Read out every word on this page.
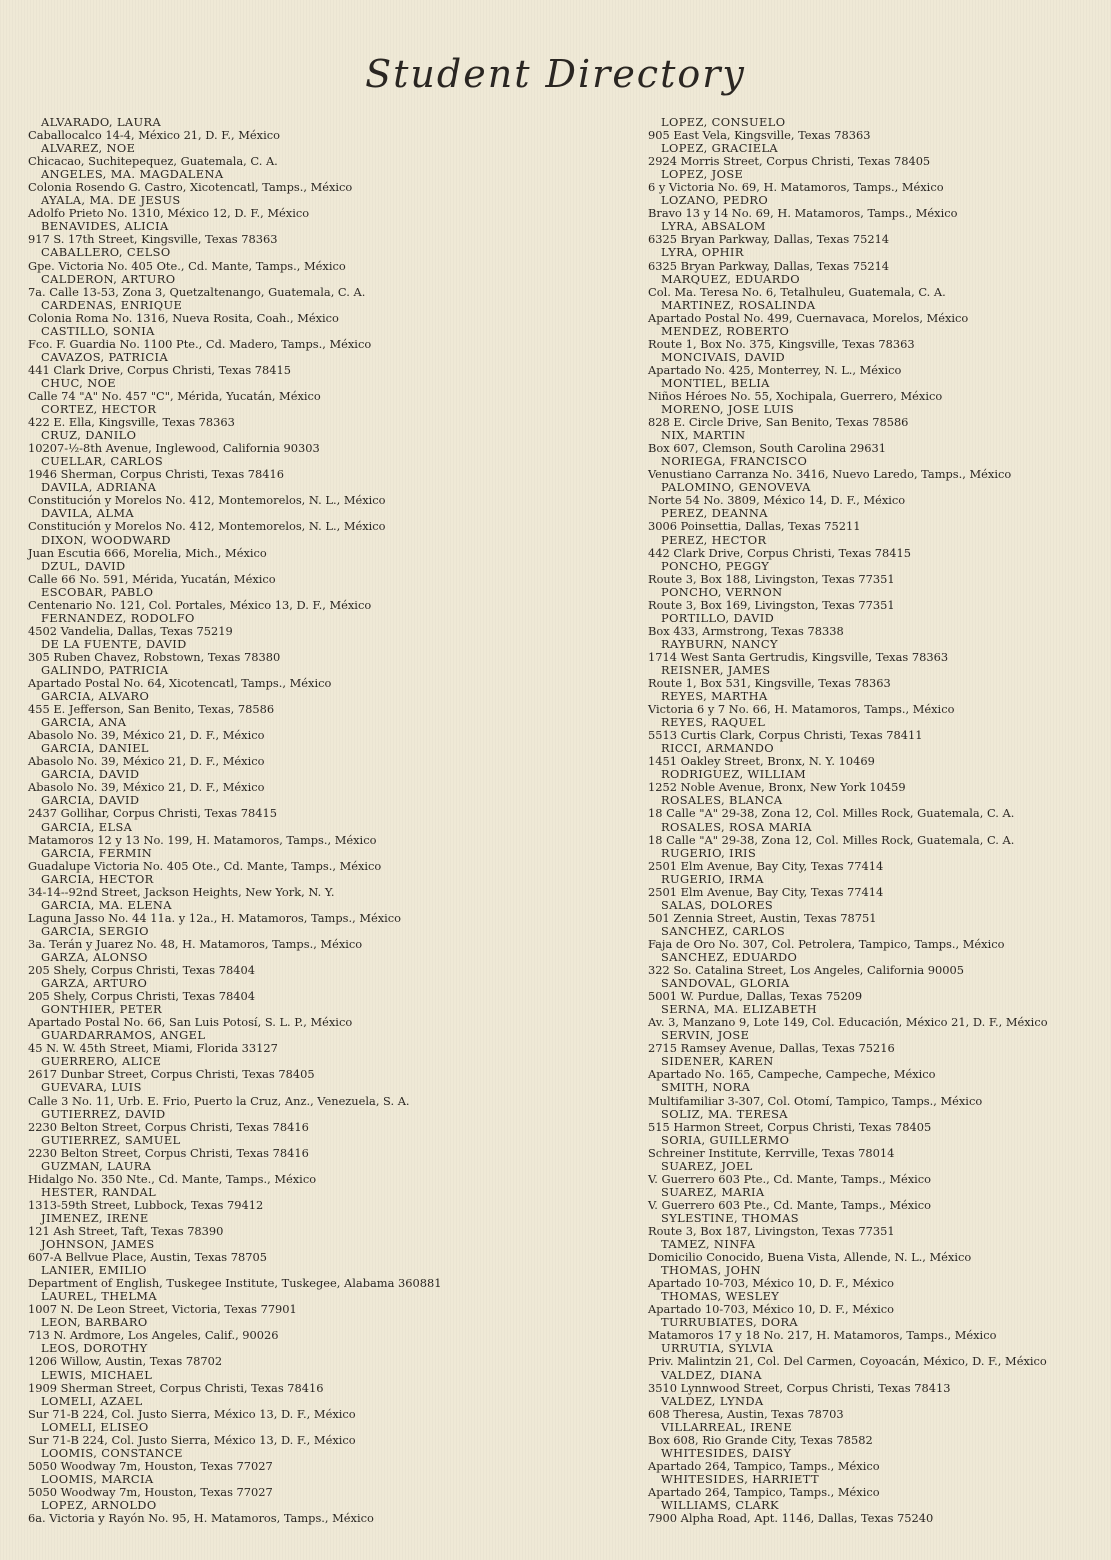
Student Directory
ALVARADO, LAURA
Caballocalco 14-4, México 21, D. F., México
ALVAREZ, NOE
Chicacao, Suchitepequez, Guatemala, C. A.
ANGELES, MA. MAGDALENA
Colonia Rosendo G. Castro, Xicotencatl, Tamps., México
AYALA, MA. DE JESUS
Adolfo Prieto No. 1310, México 12, D. F., México
BENAVIDES, ALICIA
917 S. 17th Street, Kingsville, Texas 78363
CABALLERO, CELSO
Gpe. Victoria No. 405 Ote., Cd. Mante, Tamps., México
CALDERON, ARTURO
7a. Calle 13-53, Zona 3, Quetzaltenango, Guatemala, C. A.
CARDENAS, ENRIQUE
Colonia Roma No. 1316, Nueva Rosita, Coah., México
CASTILLO, SONIA
Fco. F. Guardia No. 1100 Pte., Cd. Madero, Tamps., México
CAVAZOS, PATRICIA
441 Clark Drive, Corpus Christi, Texas 78415
CHUC, NOE
Calle 74 "A" No. 457 "C", Mérida, Yucatán, México
CORTEZ, HECTOR
422 E. Ella, Kingsville, Texas 78363
CRUZ, DANILO
10207-½-8th Avenue, Inglewood, California 90303
CUELLAR, CARLOS
1946 Sherman, Corpus Christi, Texas 78416
DAVILA, ADRIANA
Constitución y Morelos No. 412, Montemorelos, N. L., México
DAVILA, ALMA
Constitución y Morelos No. 412, Montemorelos, N. L., México
DIXON, WOODWARD
Juan Escutia 666, Morelia, Mich., México
DZUL, DAVID
Calle 66 No. 591, Mérida, Yucatán, México
ESCOBAR, PABLO
Centenario No. 121, Col. Portales, México 13, D. F., México
FERNANDEZ, RODOLFO
4502 Vandelia, Dallas, Texas 75219
DE LA FUENTE, DAVID
305 Ruben Chavez, Robstown, Texas 78380
GALINDO, PATRICIA
Apartado Postal No. 64, Xicotencatl, Tamps., México
GARCIA, ALVARO
455 E. Jefferson, San Benito, Texas, 78586
GARCIA, ANA
Abasolo No. 39, México 21, D. F., México
GARCIA, DANIEL
Abasolo No. 39, México 21, D. F., México
GARCIA, DAVID
Abasolo No. 39, México 21, D. F., México
GARCIA, DAVID
2437 Gollihar, Corpus Christi, Texas 78415
GARCIA, ELSA
Matamoros 12 y 13 No. 199, H. Matamoros, Tamps., México
GARCIA, FERMIN
Guadalupe Victoria No. 405 Ote., Cd. Mante, Tamps., México
GARCIA, HECTOR
34-14--92nd Street, Jackson Heights, New York, N. Y.
GARCIA, MA. ELENA
Laguna Jasso No. 44 11a. y 12a., H. Matamoros, Tamps., México
GARCIA, SERGIO
3a. Terán y Juarez No. 48, H. Matamoros, Tamps., México
GARZA, ALONSO
205 Shely, Corpus Christi, Texas 78404
GARZA, ARTURO
205 Shely, Corpus Christi, Texas 78404
GONTHIER, PETER
Apartado Postal No. 66, San Luis Potosí, S. L. P., México
GUARDARRAMOS, ANGEL
45 N. W. 45th Street, Miami, Florida 33127
GUERRERO, ALICE
2617 Dunbar Street, Corpus Christi, Texas 78405
GUEVARA, LUIS
Calle 3 No. 11, Urb. E. Frio, Puerto la Cruz, Anz., Venezuela, S. A.
GUTIERREZ, DAVID
2230 Belton Street, Corpus Christi, Texas 78416
GUTIERREZ, SAMUEL
2230 Belton Street, Corpus Christi, Texas 78416
GUZMAN, LAURA
Hidalgo No. 350 Nte., Cd. Mante, Tamps., México
HESTER, RANDAL
1313-59th Street, Lubbock, Texas 79412
JIMENEZ, IRENE
121 Ash Street, Taft, Texas 78390
JOHNSON, JAMES
607-A Bellvue Place, Austin, Texas 78705
LANIER, EMILIO
Department of English, Tuskegee Institute, Tuskegee, Alabama 360881
LAUREL, THELMA
1007 N. De Leon Street, Victoria, Texas 77901
LEON, BARBARO
713 N. Ardmore, Los Angeles, Calif., 90026
LEOS, DOROTHY
1206 Willow, Austin, Texas 78702
LEWIS, MICHAEL
1909 Sherman Street, Corpus Christi, Texas 78416
LOMELI, AZAEL
Sur 71-B 224, Col. Justo Sierra, México 13, D. F., México
LOMELI, ELISEO
Sur 71-B 224, Col. Justo Sierra, México 13, D. F., México
LOOMIS, CONSTANCE
5050 Woodway 7m, Houston, Texas 77027
LOOMIS, MARCIA
5050 Woodway 7m, Houston, Texas 77027
LOPEZ, ARNOLDO
6a. Victoria y Rayón No. 95, H. Matamoros, Tamps., México
LOPEZ, CONSUELO
905 East Vela, Kingsville, Texas 78363
LOPEZ, GRACIELA
2924 Morris Street, Corpus Christi, Texas 78405
LOPEZ, JOSE
6 y Victoria No. 69, H. Matamoros, Tamps., México
LOZANO, PEDRO
Bravo 13 y 14 No. 69, H. Matamoros, Tamps., México
LYRA, ABSALOM
6325 Bryan Parkway, Dallas, Texas 75214
LYRA, OPHIR
6325 Bryan Parkway, Dallas, Texas 75214
MARQUEZ, EDUARDO
Col. Ma. Teresa No. 6, Tetalhuleu, Guatemala, C. A.
MARTINEZ, ROSALINDA
Apartado Postal No. 499, Cuernavaca, Morelos, México
MENDEZ, ROBERTO
Route 1, Box No. 375, Kingsville, Texas 78363
MONCIVAIS, DAVID
Apartado No. 425, Monterrey, N. L., México
MONTIEL, BELIA
Niños Héroes No. 55, Xochipala, Guerrero, México
MORENO, JOSE LUIS
828 E. Circle Drive, San Benito, Texas 78586
NIX, MARTIN
Box 607, Clemson, South Carolina 29631
NORIEGA, FRANCISCO
Venustiano Carranza No. 3416, Nuevo Laredo, Tamps., México
PALOMINO, GENOVEVA
Norte 54 No. 3809, México 14, D. F., México
PEREZ, DEANNA
3006 Poinsettia, Dallas, Texas 75211
PEREZ, HECTOR
442 Clark Drive, Corpus Christi, Texas 78415
PONCHO, PEGGY
Route 3, Box 188, Livingston, Texas 77351
PONCHO, VERNON
Route 3, Box 169, Livingston, Texas 77351
PORTILLO, DAVID
Box 433, Armstrong, Texas 78338
RAYBURN, NANCY
1714 West Santa Gertrudis, Kingsville, Texas 78363
REISNER, JAMES
Route 1, Box 531, Kingsville, Texas 78363
REYES, MARTHA
Victoria 6 y 7 No. 66, H. Matamoros, Tamps., México
REYES, RAQUEL
5513 Curtis Clark, Corpus Christi, Texas 78411
RICCI, ARMANDO
1451 Oakley Street, Bronx, N. Y. 10469
RODRIGUEZ, WILLIAM
1252 Noble Avenue, Bronx, New York 10459
ROSALES, BLANCA
18 Calle "A" 29-38, Zona 12, Col. Milles Rock, Guatemala, C. A.
ROSALES, ROSA MARIA
18 Calle "A" 29-38, Zona 12, Col. Milles Rock, Guatemala, C. A.
RUGERIO, IRIS
2501 Elm Avenue, Bay City, Texas 77414
RUGERIO, IRMA
2501 Elm Avenue, Bay City, Texas 77414
SALAS, DOLORES
501 Zennia Street, Austin, Texas 78751
SANCHEZ, CARLOS
Faja de Oro No. 307, Col. Petrolera, Tampico, Tamps., México
SANCHEZ, EDUARDO
322 So. Catalina Street, Los Angeles, California 90005
SANDOVAL, GLORIA
5001 W. Purdue, Dallas, Texas 75209
SERNA, MA. ELIZABETH
Av. 3, Manzano 9, Lote 149, Col. Educación, México 21, D. F., México
SERVIN, JOSE
2715 Ramsey Avenue, Dallas, Texas 75216
SIDENER, KAREN
Apartado No. 165, Campeche, Campeche, México
SMITH, NORA
Multifamiliar 3-307, Col. Otomí, Tampico, Tamps., México
SOLIZ, MA. TERESA
515 Harmon Street, Corpus Christi, Texas 78405
SORIA, GUILLERMO
Schreiner Institute, Kerrville, Texas 78014
SUAREZ, JOEL
V. Guerrero 603 Pte., Cd. Mante, Tamps., México
SUAREZ, MARIA
V. Guerrero 603 Pte., Cd. Mante, Tamps., México
SYLESTINE, THOMAS
Route 3, Box 187, Livingston, Texas 77351
TAMEZ, NINFA
Domicilio Conocido, Buena Vista, Allende, N. L., México
THOMAS, JOHN
Apartado 10-703, México 10, D. F., México
THOMAS, WESLEY
Apartado 10-703, México 10, D. F., México
TURRUBIATES, DORA
Matamoros 17 y 18 No. 217, H. Matamoros, Tamps., México
URRUTIA, SYLVIA
Priv. Malintzin 21, Col. Del Carmen, Coyoacán, México, D. F., México
VALDEZ, DIANA
3510 Lynnwood Street, Corpus Christi, Texas 78413
VALDEZ, LYNDA
608 Theresa, Austin, Texas 78703
VILLARREAL, IRENE
Box 608, Rio Grande City, Texas 78582
WHITESIDES, DAISY
Apartado 264, Tampico, Tamps., México
WHITESIDES, HARRIETT
Apartado 264, Tampico, Tamps., México
WILLIAMS, CLARK
7900 Alpha Road, Apt. 1146, Dallas, Texas 75240
